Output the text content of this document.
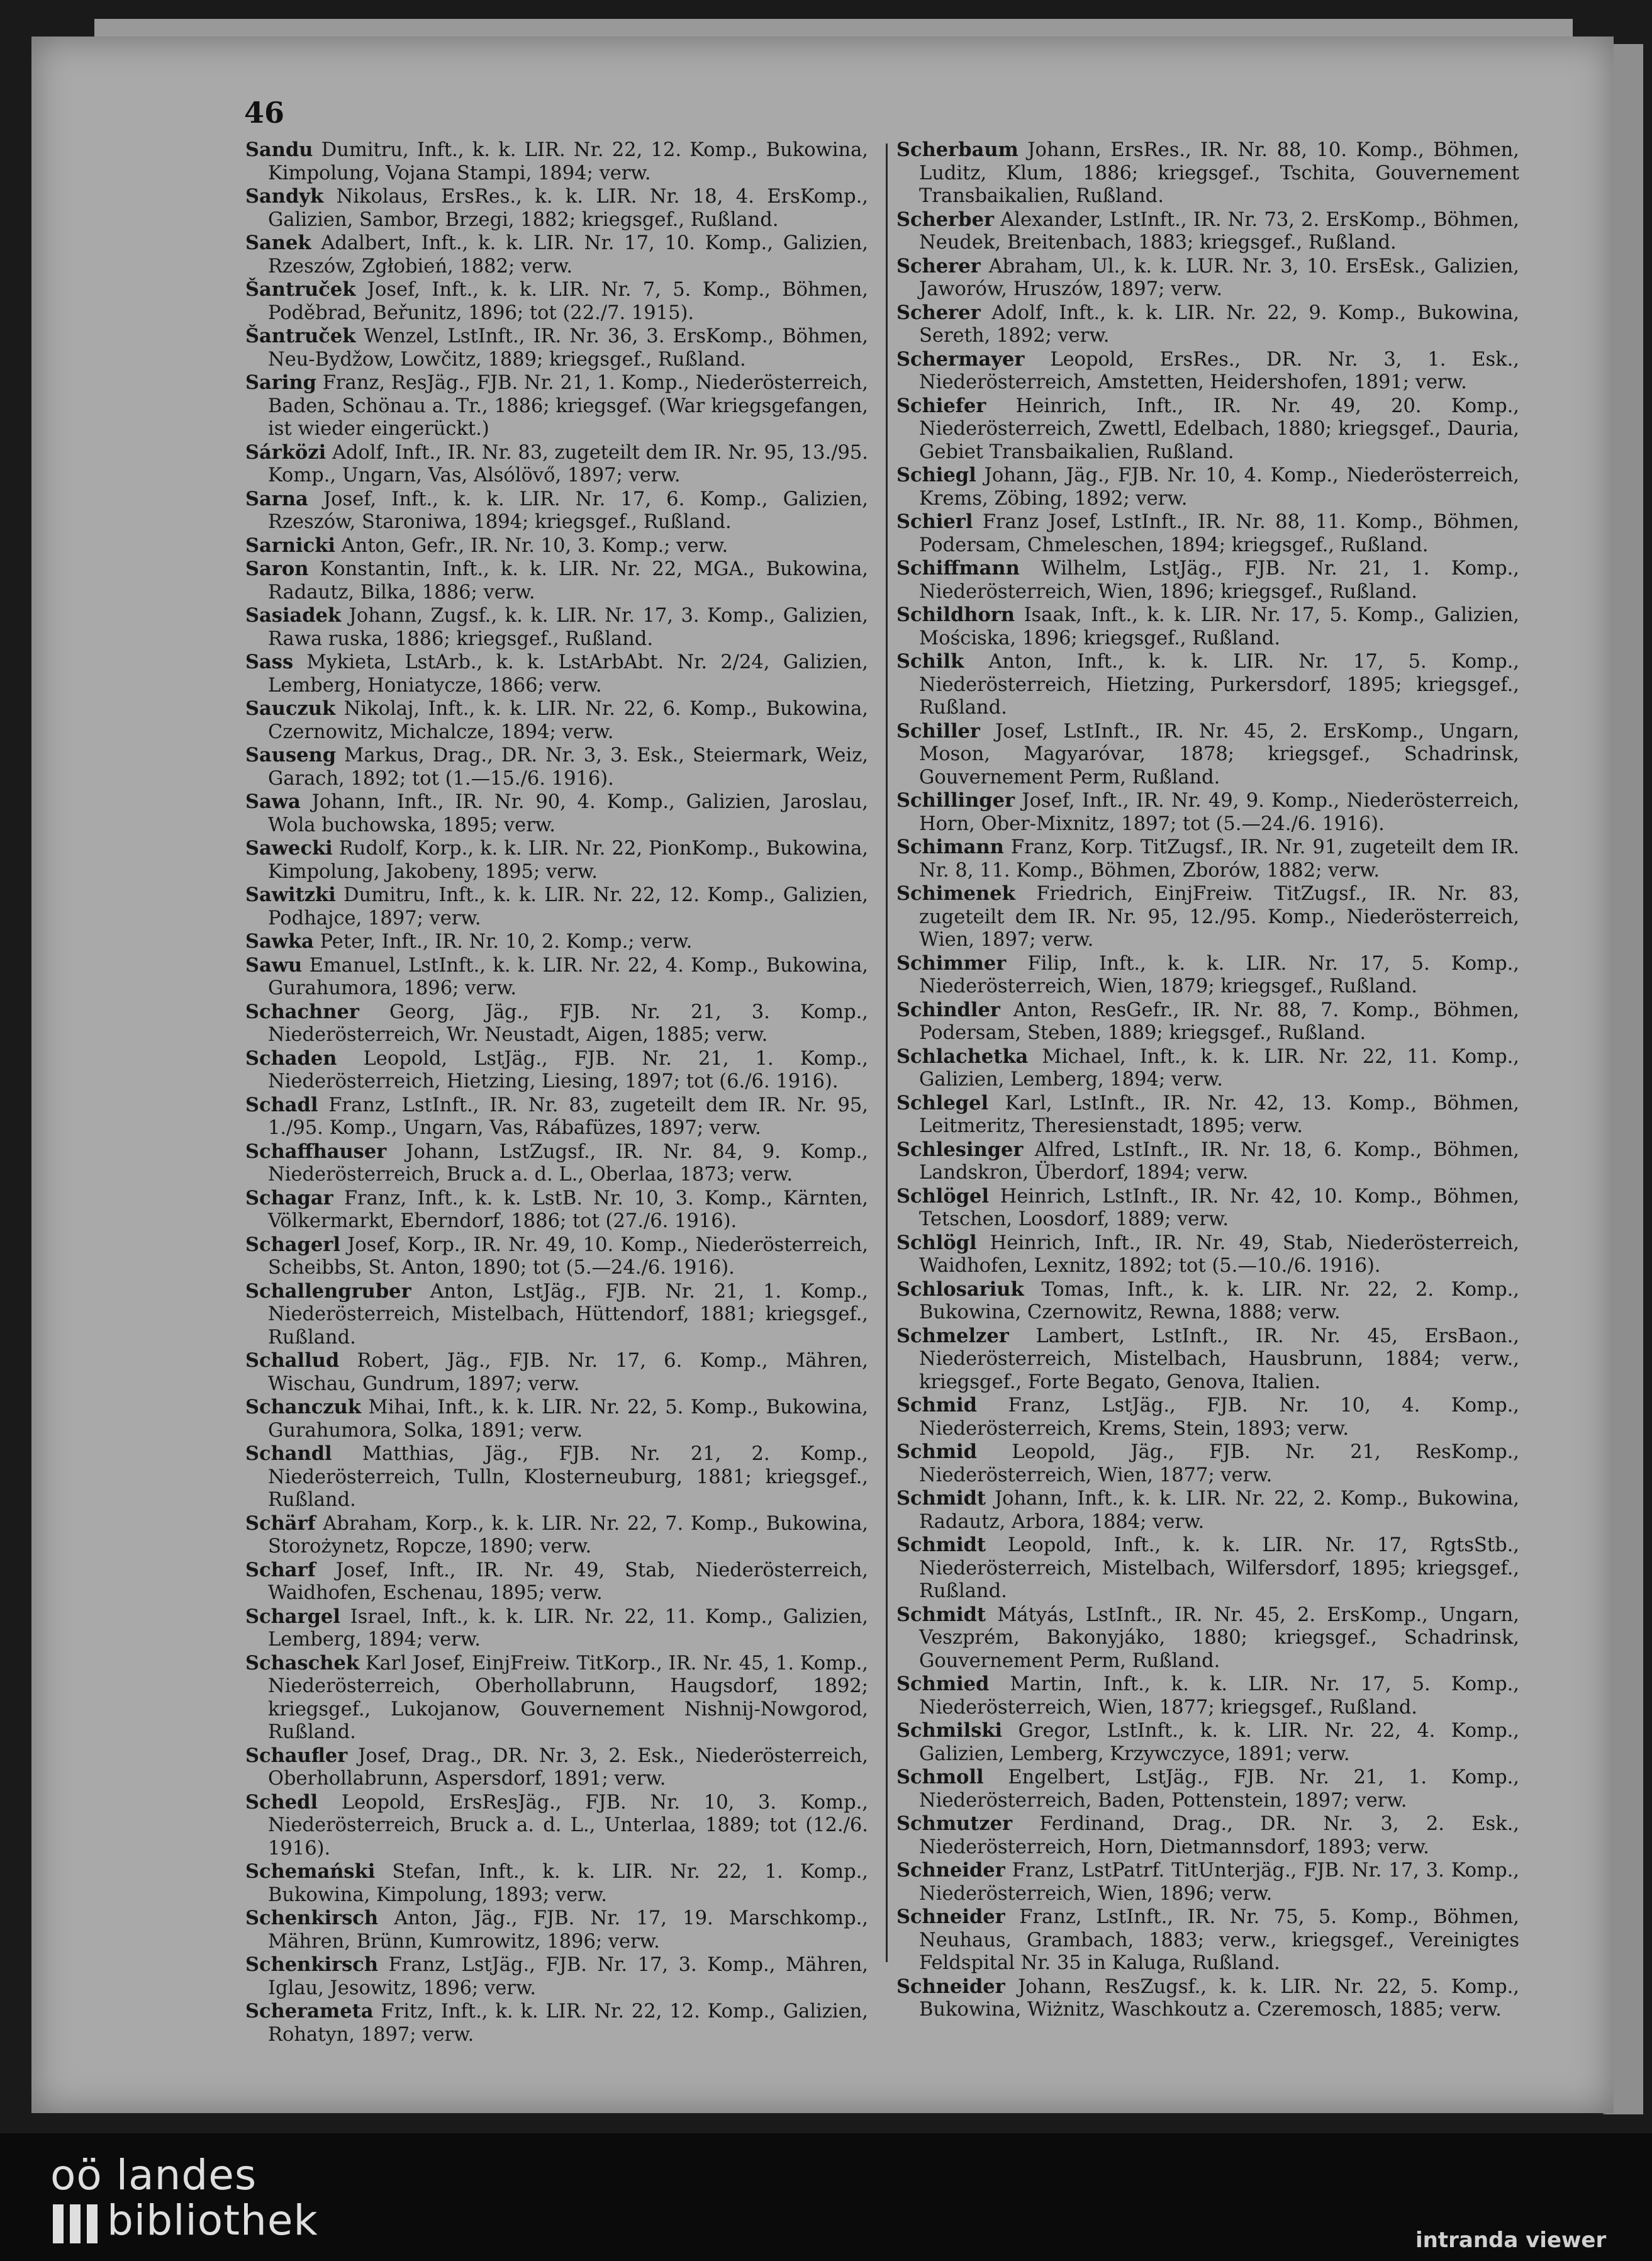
46

Sandu Dumitru, Inft., k. k. LIR. Nr. 22, 12. Komp., Bukowina, Kimpolung, Vojana Stampi, 1894; verw.

Sandyk Nikolaus, ErsRes., k. k. LIR. Nr. 18, 4. ErsKomp., Galizien, Sambor, Brzegi, 1882; kriegsgef., Rußland.

Sanek Adalbert, Inft., k. k. LIR. Nr. 17, 10. Komp., Galizien, Rzeszów, Zgłobień, 1882; verw.

Šantruček Josef, Inft., k. k. LIR. Nr. 7, 5. Komp., Böhmen, Poděbrad, Beřunitz, 1896; tot (22./7. 1915).

Šantruček Wenzel, LstInft., IR. Nr. 36, 3. ErsKomp., Böhmen, Neu-Bydžow, Lowčitz, 1889; kriegsgef., Rußland.

Saring Franz, ResJäg., FJB. Nr. 21, 1. Komp., Niederösterreich, Baden, Schönau a. Tr., 1886; kriegsgef. (War kriegsgefangen, ist wieder eingerückt.)

Sárközi Adolf, Inft., IR. Nr. 83, zugeteilt dem IR. Nr. 95, 13./95. Komp., Ungarn, Vas, Alsólövő, 1897; verw.

Sarna Josef, Inft., k. k. LIR. Nr. 17, 6. Komp., Galizien, Rzeszów, Staroniwa, 1894; kriegsgef., Rußland.

Sarnicki Anton, Gefr., IR. Nr. 10, 3. Komp.; verw.

Saron Konstantin, Inft., k. k. LIR. Nr. 22, MGA., Bukowina, Radautz, Bilka, 1886; verw.

Sasiadek Johann, Zugsf., k. k. LIR. Nr. 17, 3. Komp., Galizien, Rawa ruska, 1886; kriegsgef., Rußland.

Sass Mykieta, LstArb., k. k. LstArbAbt. Nr. 2/24, Galizien, Lemberg, Honiatycze, 1866; verw.

Sauczuk Nikolaj, Inft., k. k. LIR. Nr. 22, 6. Komp., Bukowina, Czernowitz, Michalcze, 1894; verw.

Sauseng Markus, Drag., DR. Nr. 3, 3. Esk., Steiermark, Weiz, Garach, 1892; tot (1.—15./6. 1916).

Sawa Johann, Inft., IR. Nr. 90, 4. Komp., Galizien, Jaroslau, Wola buchowska, 1895; verw.

Sawecki Rudolf, Korp., k. k. LIR. Nr. 22, PionKomp., Bukowina, Kimpolung, Jakobeny, 1895; verw.

Sawitzki Dumitru, Inft., k. k. LIR. Nr. 22, 12. Komp., Galizien, Podhajce, 1897; verw.

Sawka Peter, Inft., IR. Nr. 10, 2. Komp.; verw.

Sawu Emanuel, LstInft., k. k. LIR. Nr. 22, 4. Komp., Bukowina, Gurahumora, 1896; verw.

Schachner Georg, Jäg., FJB. Nr. 21, 3. Komp., Niederösterreich, Wr. Neustadt, Aigen, 1885; verw.

Schaden Leopold, LstJäg., FJB. Nr. 21, 1. Komp., Niederösterreich, Hietzing, Liesing, 1897; tot (6./6. 1916).

Schadl Franz, LstInft., IR. Nr. 83, zugeteilt dem IR. Nr. 95, 1./95. Komp., Ungarn, Vas, Rábafüzes, 1897; verw.

Schaffhauser Johann, LstZugsf., IR. Nr. 84, 9. Komp., Niederösterreich, Bruck a. d. L., Oberlaa, 1873; verw.

Schagar Franz, Inft., k. k. LstB. Nr. 10, 3. Komp., Kärnten, Völkermarkt, Eberndorf, 1886; tot (27./6. 1916).

Schagerl Josef, Korp., IR. Nr. 49, 10. Komp., Niederösterreich, Scheibbs, St. Anton, 1890; tot (5.—24./6. 1916).

Schallengruber Anton, LstJäg., FJB. Nr. 21, 1. Komp., Niederösterreich, Mistelbach, Hüttendorf, 1881; kriegsgef., Rußland.

Schallud Robert, Jäg., FJB. Nr. 17, 6. Komp., Mähren, Wischau, Gundrum, 1897; verw.

Schanczuk Mihai, Inft., k. k. LIR. Nr. 22, 5. Komp., Bukowina, Gurahumora, Solka, 1891; verw.

Schandl Matthias, Jäg., FJB. Nr. 21, 2. Komp., Niederösterreich, Tulln, Klosterneuburg, 1881; kriegsgef., Rußland.

Schärf Abraham, Korp., k. k. LIR. Nr. 22, 7. Komp., Bukowina, Storożynetz, Ropcze, 1890; verw.

Scharf Josef, Inft., IR. Nr. 49, Stab, Niederösterreich, Waidhofen, Eschenau, 1895; verw.

Schargel Israel, Inft., k. k. LIR. Nr. 22, 11. Komp., Galizien, Lemberg, 1894; verw.

Schaschek Karl Josef, EinjFreiw. TitKorp., IR. Nr. 45, 1. Komp., Niederösterreich, Oberhollabrunn, Haugsdorf, 1892; kriegsgef., Lukojanow, Gouvernement Nishnij-Nowgorod, Rußland.

Schaufler Josef, Drag., DR. Nr. 3, 2. Esk., Niederösterreich, Oberhollabrunn, Aspersdorf, 1891; verw.

Schedl Leopold, ErsResJäg., FJB. Nr. 10, 3. Komp., Niederösterreich, Bruck a. d. L., Unterlaa, 1889; tot (12./6. 1916).

Schemański Stefan, Inft., k. k. LIR. Nr. 22, 1. Komp., Bukowina, Kimpolung, 1893; verw.

Schenkirsch Anton, Jäg., FJB. Nr. 17, 19. Marschkomp., Mähren, Brünn, Kumrowitz, 1896; verw.

Schenkirsch Franz, LstJäg., FJB. Nr. 17, 3. Komp., Mähren, Iglau, Jesowitz, 1896; verw.

Scherameta Fritz, Inft., k. k. LIR. Nr. 22, 12. Komp., Galizien, Rohatyn, 1897; verw.

Scherbaum Johann, ErsRes., IR. Nr. 88, 10. Komp., Böhmen, Luditz, Klum, 1886; kriegsgef., Tschita, Gouvernement Transbaikalien, Rußland.

Scherber Alexander, LstInft., IR. Nr. 73, 2. ErsKomp., Böhmen, Neudek, Breitenbach, 1883; kriegsgef., Rußland.

Scherer Abraham, Ul., k. k. LUR. Nr. 3, 10. ErsEsk., Galizien, Jaworów, Hruszów, 1897; verw.

Scherer Adolf, Inft., k. k. LIR. Nr. 22, 9. Komp., Bukowina, Sereth, 1892; verw.

Schermayer Leopold, ErsRes., DR. Nr. 3, 1. Esk., Niederösterreich, Amstetten, Heidershofen, 1891; verw.

Schiefer Heinrich, Inft., IR. Nr. 49, 20. Komp., Niederösterreich, Zwettl, Edelbach, 1880; kriegsgef., Dauria, Gebiet Transbaikalien, Rußland.

Schiegl Johann, Jäg., FJB. Nr. 10, 4. Komp., Niederösterreich, Krems, Zöbing, 1892; verw.

Schierl Franz Josef, LstInft., IR. Nr. 88, 11. Komp., Böhmen, Podersam, Chmeleschen, 1894; kriegsgef., Rußland.

Schiffmann Wilhelm, LstJäg., FJB. Nr. 21, 1. Komp., Niederösterreich, Wien, 1896; kriegsgef., Rußland.

Schildhorn Isaak, Inft., k. k. LIR. Nr. 17, 5. Komp., Galizien, Mościska, 1896; kriegsgef., Rußland.

Schilk Anton, Inft., k. k. LIR. Nr. 17, 5. Komp., Niederösterreich, Hietzing, Purkersdorf, 1895; kriegsgef., Rußland.

Schiller Josef, LstInft., IR. Nr. 45, 2. ErsKomp., Ungarn, Moson, Magyaróvar, 1878; kriegsgef., Schadrinsk, Gouvernement Perm, Rußland.

Schillinger Josef, Inft., IR. Nr. 49, 9. Komp., Niederösterreich, Horn, Ober-Mixnitz, 1897; tot (5.—24./6. 1916).

Schimann Franz, Korp. TitZugsf., IR. Nr. 91, zugeteilt dem IR. Nr. 8, 11. Komp., Böhmen, Zborów, 1882; verw.

Schimenek Friedrich, EinjFreiw. TitZugsf., IR. Nr. 83, zugeteilt dem IR. Nr. 95, 12./95. Komp., Niederösterreich, Wien, 1897; verw.

Schimmer Filip, Inft., k. k. LIR. Nr. 17, 5. Komp., Niederösterreich, Wien, 1879; kriegsgef., Rußland.

Schindler Anton, ResGefr., IR. Nr. 88, 7. Komp., Böhmen, Podersam, Steben, 1889; kriegsgef., Rußland.

Schlachetka Michael, Inft., k. k. LIR. Nr. 22, 11. Komp., Galizien, Lemberg, 1894; verw.

Schlegel Karl, LstInft., IR. Nr. 42, 13. Komp., Böhmen, Leitmeritz, Theresienstadt, 1895; verw.

Schlesinger Alfred, LstInft., IR. Nr. 18, 6. Komp., Böhmen, Landskron, Überdorf, 1894; verw.

Schlögel Heinrich, LstInft., IR. Nr. 42, 10. Komp., Böhmen, Tetschen, Loosdorf, 1889; verw.

Schlögl Heinrich, Inft., IR. Nr. 49, Stab, Niederösterreich, Waidhofen, Lexnitz, 1892; tot (5.—10./6. 1916).

Schlosariuk Tomas, Inft., k. k. LIR. Nr. 22, 2. Komp., Bukowina, Czernowitz, Rewna, 1888; verw.

Schmelzer Lambert, LstInft., IR. Nr. 45, ErsBaon., Niederösterreich, Mistelbach, Hausbrunn, 1884; verw., kriegsgef., Forte Begato, Genova, Italien.

Schmid Franz, LstJäg., FJB. Nr. 10, 4. Komp., Niederösterreich, Krems, Stein, 1893; verw.

Schmid Leopold, Jäg., FJB. Nr. 21, ResKomp., Niederösterreich, Wien, 1877; verw.

Schmidt Johann, Inft., k. k. LIR. Nr. 22, 2. Komp., Bukowina, Radautz, Arbora, 1884; verw.

Schmidt Leopold, Inft., k. k. LIR. Nr. 17, RgtsStb., Niederösterreich, Mistelbach, Wilfersdorf, 1895; kriegsgef., Rußland.

Schmidt Mátyás, LstInft., IR. Nr. 45, 2. ErsKomp., Ungarn, Veszprém, Bakonyjáko, 1880; kriegsgef., Schadrinsk, Gouvernement Perm, Rußland.

Schmied Martin, Inft., k. k. LIR. Nr. 17, 5. Komp., Niederösterreich, Wien, 1877; kriegsgef., Rußland.

Schmilski Gregor, LstInft., k. k. LIR. Nr. 22, 4. Komp., Galizien, Lemberg, Krzywczyce, 1891; verw.

Schmoll Engelbert, LstJäg., FJB. Nr. 21, 1. Komp., Niederösterreich, Baden, Pottenstein, 1897; verw.

Schmutzer Ferdinand, Drag., DR. Nr. 3, 2. Esk., Niederösterreich, Horn, Dietmannsdorf, 1893; verw.

Schneider Franz, LstPatrf. TitUnterjäg., FJB. Nr. 17, 3. Komp., Niederösterreich, Wien, 1896; verw.

Schneider Franz, LstInft., IR. Nr. 75, 5. Komp., Böhmen, Neuhaus, Grambach, 1883; verw., kriegsgef., Vereinigtes Feldspital Nr. 35 in Kaluga, Rußland.

Schneider Johann, ResZugsf., k. k. LIR. Nr. 22, 5. Komp., Bukowina, Wiżnitz, Waschkoutz a. Czeremosch, 1885; verw.

oö landes
bibliothek	intranda viewer
